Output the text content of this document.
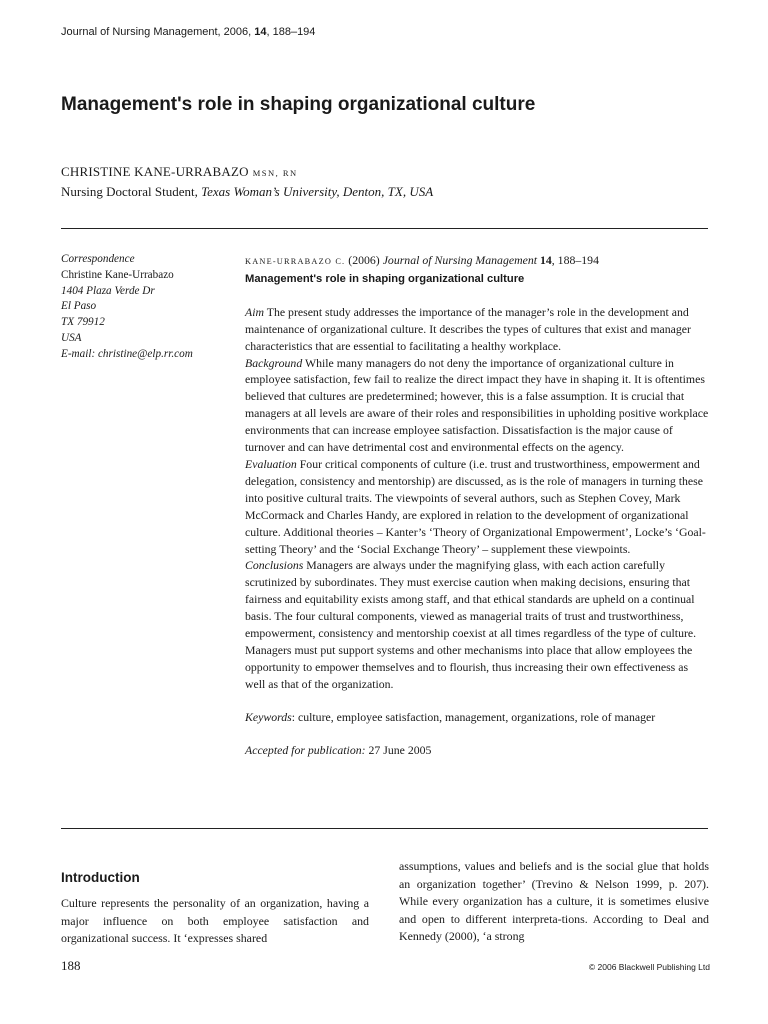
Journal of Nursing Management, 2006, 14, 188–194
Management's role in shaping organizational culture
CHRISTINE KANE-URRABAZO MSN, RN
Nursing Doctoral Student, Texas Woman’s University, Denton, TX, USA
Correspondence
Christine Kane-Urrabazo
1404 Plaza Verde Dr
El Paso
TX 79912
USA
E-mail: christine@elp.rr.com

KANE-URRABAZO C. (2006) Journal of Nursing Management 14, 188–194

Management's role in shaping organizational culture

Aim The present study addresses the importance of the manager’s role in the development and maintenance of organizational culture. It describes the types of cultures that exist and manager characteristics that are essential to facilitating a healthy workplace.

Background While many managers do not deny the importance of organizational culture in employee satisfaction, few fail to realize the direct impact they have in shaping it. It is oftentimes believed that cultures are predetermined; however, this is a false assumption. It is crucial that managers at all levels are aware of their roles and responsibilities in upholding positive workplace environments that can increase employee satisfaction. Dissatisfaction is the major cause of turnover and can have detrimental cost and environmental effects on the agency.

Evaluation Four critical components of culture (i.e. trust and trustworthiness, empowerment and delegation, consistency and mentorship) are discussed, as is the role of managers in turning these into positive cultural traits. The viewpoints of several authors, such as Stephen Covey, Mark McCormack and Charles Handy, are explored in relation to the development of organizational culture. Additional theories – Kanter’s ‘Theory of Organizational Empowerment’, Locke’s ‘Goal-setting Theory’ and the ‘Social Exchange Theory’ – supplement these viewpoints.

Conclusions Managers are always under the magnifying glass, with each action carefully scrutinized by subordinates. They must exercise caution when making decisions, ensuring that fairness and equitability exists among staff, and that ethical standards are upheld on a continual basis. The four cultural components, viewed as managerial traits of trust and trustworthiness, empowerment, consistency and mentorship coexist at all times regardless of the type of culture. Managers must put support systems and other mechanisms into place that allow employees the opportunity to empower themselves and to flourish, thus increasing their own effectiveness as well as that of the organization.

Keywords: culture, employee satisfaction, management, organizations, role of manager

Accepted for publication: 27 June 2005

Introduction

Culture represents the personality of an organization, having a major influence on both employee satisfaction and organizational success. It ‘expresses shared

assumptions, values and beliefs and is the social glue that holds an organization together’ (Trevino & Nelson 1999, p. 207). While every organization has a culture, it is sometimes elusive and open to different interpreta-tions. According to Deal and Kennedy (2000), ‘a strong

188	© 2006 Blackwell Publishing Ltd
